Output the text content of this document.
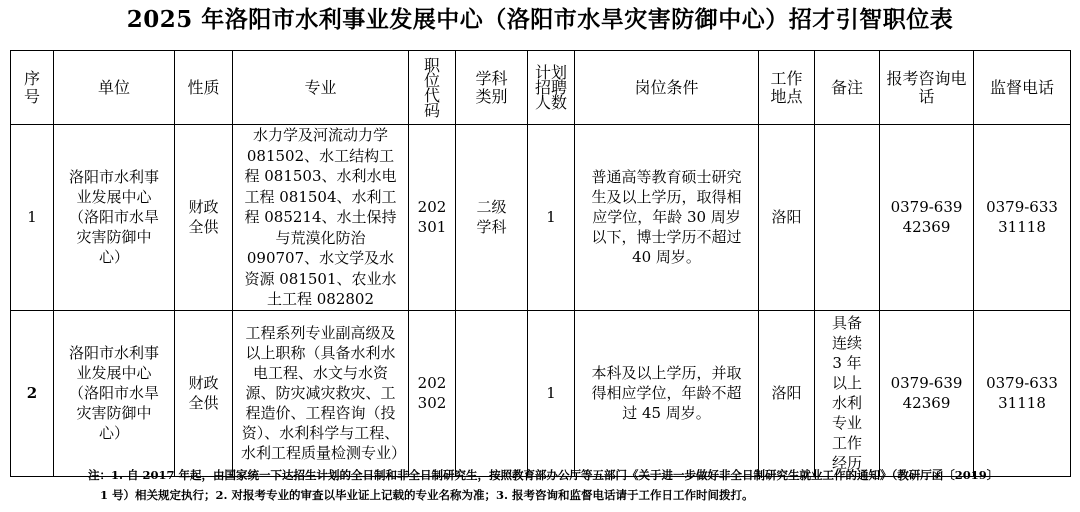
2025 年洛阳市水利事业发展中心（洛阳市水旱灾害防御中心）招才引智职位表
序号	单位	性质	专业	职位代码	学科类别	计划招聘人数	岗位条件	工作地点	备注	报考咨询电话	监督电话
1	洛阳市水利事业发展中心（洛阳市水旱灾害防御中心）	财政全供	水力学及河流动力学 081502、水工结构工程 081503、水利水电工程 081504、水利工程 085214、水土保持与荒漠化防治 090707、水文学及水资源 081501、农业水土工程 082802	202301	二级学科	1	普通高等教育硕士研究生及以上学历，取得相应学位，年龄 30 周岁以下，博士学历不超过 40 周岁。	洛阳		0379-63942369	0379-63331118
2	洛阳市水利事业发展中心（洛阳市水旱灾害防御中心）	财政全供	工程系列专业副高级及以上职称（具备水利水电工程、水文与水资源、防灾减灾救灾、工程造价、工程咨询（投资）、水利科学与工程、水利工程质量检测专业）	202302		1	本科及以上学历，并取得相应学位，年龄不超过 45 周岁。	洛阳	具备连续 3 年以上水利专业工作经历	0379-63942369	0379-63331118
注：1. 自 2017 年起，由国家统一下达招生计划的全日制和非全日制研究生，按照教育部办公厅等五部门《关于进一步做好非全日制研究生就业工作的通知》（教研厅函〔2019〕
1 号）相关规定执行；2. 对报考专业的审查以毕业证上记载的专业名称为准；3. 报考咨询和监督电话请于工作日工作时间拨打。
